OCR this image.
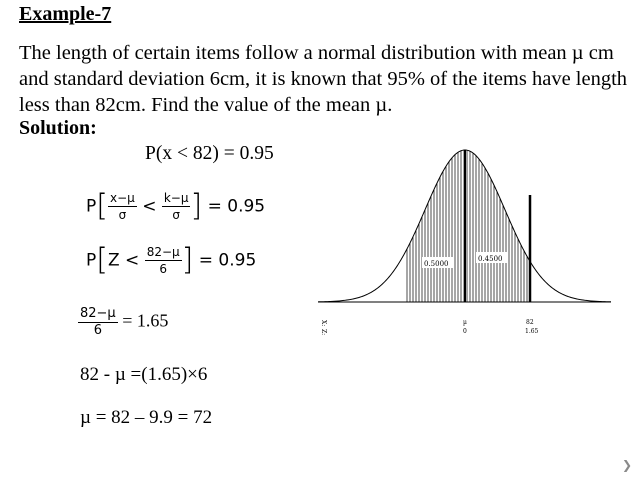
Example-7
The length of certain items follow a normal distribution with mean µ cm and standard deviation 6cm, it is known that 95% of the items have length less than 82cm. Find the value of the mean µ.
Solution:
P(x < 82) = 0.95
$P[ \frac{\text{x−µ}}{\sigma} < \frac{\text{k−µ}}{\sigma}$ ] = 0.95
$P[Z < \frac{\text{82−µ}}{6}$ ] = 0.95
$\frac{\text{82−µ}}{6} = 1.65$
82 - µ =(1.65)×6
µ = 82 – 9.9 = 72
0.5000
0.4500
X:
Z:
µ
0
82
1.65
❯
